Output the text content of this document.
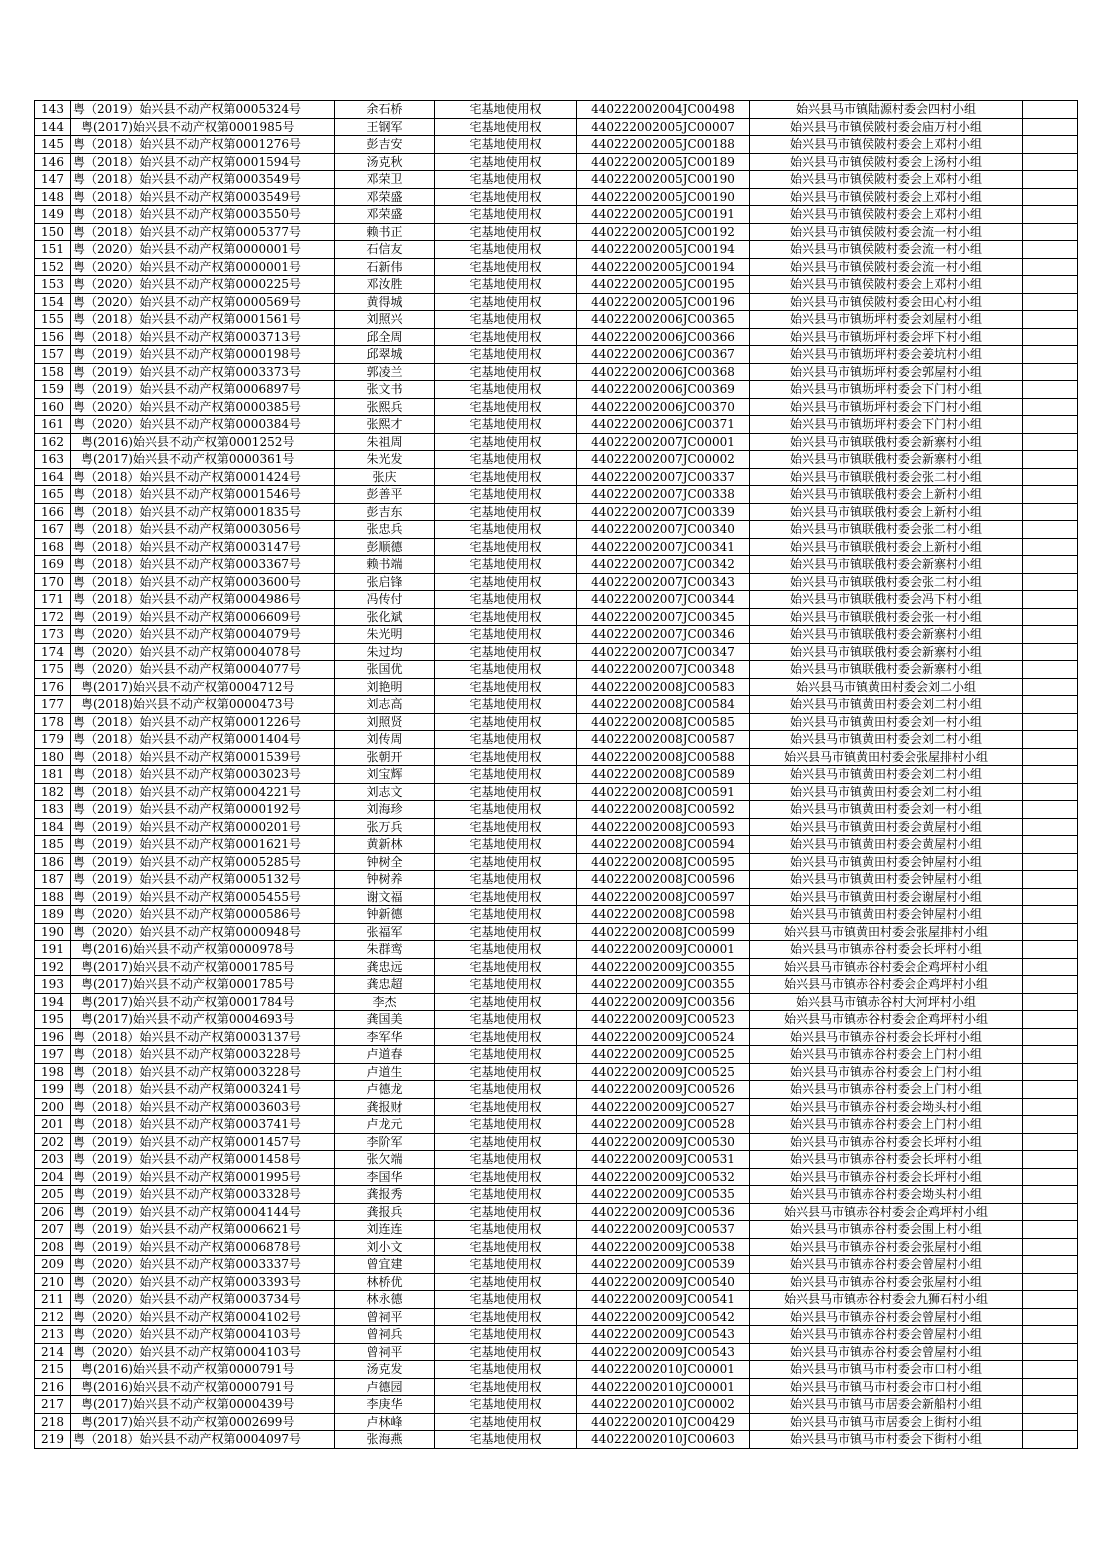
143	粤（2019）始兴县不动产权第0005324号	余石桥	宅基地使用权	440222002004JC00498	始兴县马市镇陆源村委会四村小组	
144	粤(2017)始兴县不动产权第0001985号	王钢军	宅基地使用权	440222002005JC00007	始兴县马市镇侯陂村委会庙万村小组	
145	粤（2018）始兴县不动产权第0001276号	彭吉安	宅基地使用权	440222002005JC00188	始兴县马市镇侯陂村委会上邓村小组	
146	粤（2018）始兴县不动产权第0001594号	汤克秋	宅基地使用权	440222002005JC00189	始兴县马市镇侯陂村委会上汤村小组	
147	粤（2018）始兴县不动产权第0003549号	邓荣卫	宅基地使用权	440222002005JC00190	始兴县马市镇侯陂村委会上邓村小组	
148	粤（2018）始兴县不动产权第0003549号	邓荣盛	宅基地使用权	440222002005JC00190	始兴县马市镇侯陂村委会上邓村小组	
149	粤（2018）始兴县不动产权第0003550号	邓荣盛	宅基地使用权	440222002005JC00191	始兴县马市镇侯陂村委会上邓村小组	
150	粤（2018）始兴县不动产权第0005377号	赖书正	宅基地使用权	440222002005JC00192	始兴县马市镇侯陂村委会流一村小组	
151	粤（2020）始兴县不动产权第0000001号	石信友	宅基地使用权	440222002005JC00194	始兴县马市镇侯陂村委会流一村小组	
152	粤（2020）始兴县不动产权第0000001号	石新伟	宅基地使用权	440222002005JC00194	始兴县马市镇侯陂村委会流一村小组	
153	粤（2020）始兴县不动产权第0000225号	邓汝胜	宅基地使用权	440222002005JC00195	始兴县马市镇侯陂村委会上邓村小组	
154	粤（2020）始兴县不动产权第0000569号	黄得城	宅基地使用权	440222002005JC00196	始兴县马市镇侯陂村委会田心村小组	
155	粤（2018）始兴县不动产权第0001561号	刘照兴	宅基地使用权	440222002006JC00365	始兴县马市镇坜坪村委会刘屋村小组	
156	粤（2018）始兴县不动产权第0003713号	邱全周	宅基地使用权	440222002006JC00366	始兴县马市镇坜坪村委会坪下村小组	
157	粤（2019）始兴县不动产权第0000198号	邱翠城	宅基地使用权	440222002006JC00367	始兴县马市镇坜坪村委会姜坑村小组	
158	粤（2019）始兴县不动产权第0003373号	郭凌兰	宅基地使用权	440222002006JC00368	始兴县马市镇坜坪村委会郭屋村小组	
159	粤（2019）始兴县不动产权第0006897号	张文书	宅基地使用权	440222002006JC00369	始兴县马市镇坜坪村委会下门村小组	
160	粤（2020）始兴县不动产权第0000385号	张熙兵	宅基地使用权	440222002006JC00370	始兴县马市镇坜坪村委会下门村小组	
161	粤（2020）始兴县不动产权第0000384号	张熙才	宅基地使用权	440222002006JC00371	始兴县马市镇坜坪村委会下门村小组	
162	粤(2016)始兴县不动产权第0001252号	朱祖周	宅基地使用权	440222002007JC00001	始兴县马市镇联俄村委会新寨村小组	
163	粤(2017)始兴县不动产权第0000361号	朱光发	宅基地使用权	440222002007JC00002	始兴县马市镇联俄村委会新寨村小组	
164	粤（2018）始兴县不动产权第0001424号	张庆	宅基地使用权	440222002007JC00337	始兴县马市镇联俄村委会张二村小组	
165	粤（2018）始兴县不动产权第0001546号	彭善平	宅基地使用权	440222002007JC00338	始兴县马市镇联俄村委会上新村小组	
166	粤（2018）始兴县不动产权第0001835号	彭吉东	宅基地使用权	440222002007JC00339	始兴县马市镇联俄村委会上新村小组	
167	粤（2018）始兴县不动产权第0003056号	张忠兵	宅基地使用权	440222002007JC00340	始兴县马市镇联俄村委会张二村小组	
168	粤（2018）始兴县不动产权第0003147号	彭顺德	宅基地使用权	440222002007JC00341	始兴县马市镇联俄村委会上新村小组	
169	粤（2018）始兴县不动产权第0003367号	赖书端	宅基地使用权	440222002007JC00342	始兴县马市镇联俄村委会新寨村小组	
170	粤（2018）始兴县不动产权第0003600号	张启锋	宅基地使用权	440222002007JC00343	始兴县马市镇联俄村委会张二村小组	
171	粤（2018）始兴县不动产权第0004986号	冯传付	宅基地使用权	440222002007JC00344	始兴县马市镇联俄村委会冯下村小组	
172	粤（2019）始兴县不动产权第0006609号	张化斌	宅基地使用权	440222002007JC00345	始兴县马市镇联俄村委会张一村小组	
173	粤（2020）始兴县不动产权第0004079号	朱光明	宅基地使用权	440222002007JC00346	始兴县马市镇联俄村委会新寨村小组	
174	粤（2020）始兴县不动产权第0004078号	朱过均	宅基地使用权	440222002007JC00347	始兴县马市镇联俄村委会新寨村小组	
175	粤（2020）始兴县不动产权第0004077号	张国优	宅基地使用权	440222002007JC00348	始兴县马市镇联俄村委会新寨村小组	
176	粤(2017)始兴县不动产权第0004712号	刘艳明	宅基地使用权	440222002008JC00583	始兴县马市镇黄田村委会刘二小组	
177	粤(2018)始兴县不动产权第0000473号	刘志高	宅基地使用权	440222002008JC00584	始兴县马市镇黄田村委会刘二村小组	
178	粤（2018）始兴县不动产权第0001226号	刘照贤	宅基地使用权	440222002008JC00585	始兴县马市镇黄田村委会刘一村小组	
179	粤（2018）始兴县不动产权第0001404号	刘传周	宅基地使用权	440222002008JC00587	始兴县马市镇黄田村委会刘二村小组	
180	粤（2018）始兴县不动产权第0001539号	张朝开	宅基地使用权	440222002008JC00588	始兴县马市镇黄田村委会张屋排村小组	
181	粤（2018）始兴县不动产权第0003023号	刘宝辉	宅基地使用权	440222002008JC00589	始兴县马市镇黄田村委会刘二村小组	
182	粤（2018）始兴县不动产权第0004221号	刘志文	宅基地使用权	440222002008JC00591	始兴县马市镇黄田村委会刘二村小组	
183	粤（2019）始兴县不动产权第0000192号	刘海珍	宅基地使用权	440222002008JC00592	始兴县马市镇黄田村委会刘一村小组	
184	粤（2019）始兴县不动产权第0000201号	张万兵	宅基地使用权	440222002008JC00593	始兴县马市镇黄田村委会黄屋村小组	
185	粤（2019）始兴县不动产权第0001621号	黄新林	宅基地使用权	440222002008JC00594	始兴县马市镇黄田村委会黄屋村小组	
186	粤（2019）始兴县不动产权第0005285号	钟树全	宅基地使用权	440222002008JC00595	始兴县马市镇黄田村委会钟屋村小组	
187	粤（2019）始兴县不动产权第0005132号	钟树养	宅基地使用权	440222002008JC00596	始兴县马市镇黄田村委会钟屋村小组	
188	粤（2019）始兴县不动产权第0005455号	谢文福	宅基地使用权	440222002008JC00597	始兴县马市镇黄田村委会谢屋村小组	
189	粤（2020）始兴县不动产权第0000586号	钟新德	宅基地使用权	440222002008JC00598	始兴县马市镇黄田村委会钟屋村小组	
190	粤（2020）始兴县不动产权第0000948号	张福军	宅基地使用权	440222002008JC00599	始兴县马市镇黄田村委会张屋排村小组	
191	粤(2016)始兴县不动产权第0000978号	朱群鸾	宅基地使用权	440222002009JC00001	始兴县马市镇赤谷村委会长坪村小组	
192	粤(2017)始兴县不动产权第0001785号	龚忠远	宅基地使用权	440222002009JC00355	始兴县马市镇赤谷村委会企鸡坪村小组	
193	粤(2017)始兴县不动产权第0001785号	龚忠超	宅基地使用权	440222002009JC00355	始兴县马市镇赤谷村委会企鸡坪村小组	
194	粤(2017)始兴县不动产权第0001784号	李杰	宅基地使用权	440222002009JC00356	始兴县马市镇赤谷村大河坪村小组	
195	粤(2017)始兴县不动产权第0004693号	龚国美	宅基地使用权	440222002009JC00523	始兴县马市镇赤谷村委会企鸡坪村小组	
196	粤（2018）始兴县不动产权第0003137号	李军华	宅基地使用权	440222002009JC00524	始兴县马市镇赤谷村委会长坪村小组	
197	粤（2018）始兴县不动产权第0003228号	卢道春	宅基地使用权	440222002009JC00525	始兴县马市镇赤谷村委会上门村小组	
198	粤（2018）始兴县不动产权第0003228号	卢道生	宅基地使用权	440222002009JC00525	始兴县马市镇赤谷村委会上门村小组	
199	粤（2018）始兴县不动产权第0003241号	卢德龙	宅基地使用权	440222002009JC00526	始兴县马市镇赤谷村委会上门村小组	
200	粤（2018）始兴县不动产权第0003603号	龚报财	宅基地使用权	440222002009JC00527	始兴县马市镇赤谷村委会坳头村小组	
201	粤（2018）始兴县不动产权第0003741号	卢龙元	宅基地使用权	440222002009JC00528	始兴县马市镇赤谷村委会上门村小组	
202	粤（2019）始兴县不动产权第0001457号	李阶军	宅基地使用权	440222002009JC00530	始兴县马市镇赤谷村委会长坪村小组	
203	粤（2019）始兴县不动产权第0001458号	张欠端	宅基地使用权	440222002009JC00531	始兴县马市镇赤谷村委会长坪村小组	
204	粤（2019）始兴县不动产权第0001995号	李国华	宅基地使用权	440222002009JC00532	始兴县马市镇赤谷村委会长坪村小组	
205	粤（2019）始兴县不动产权第0003328号	龚报秀	宅基地使用权	440222002009JC00535	始兴县马市镇赤谷村委会坳头村小组	
206	粤（2019）始兴县不动产权第0004144号	龚报兵	宅基地使用权	440222002009JC00536	始兴县马市镇赤谷村委会企鸡坪村小组	
207	粤（2019）始兴县不动产权第0006621号	刘连连	宅基地使用权	440222002009JC00537	始兴县马市镇赤谷村委会围上村小组	
208	粤（2019）始兴县不动产权第0006878号	刘小文	宅基地使用权	440222002009JC00538	始兴县马市镇赤谷村委会张屋村小组	
209	粤（2020）始兴县不动产权第0003337号	曾宜建	宅基地使用权	440222002009JC00539	始兴县马市镇赤谷村委会曾屋村小组	
210	粤（2020）始兴县不动产权第0003393号	林桥优	宅基地使用权	440222002009JC00540	始兴县马市镇赤谷村委会张屋村小组	
211	粤（2020）始兴县不动产权第0003734号	林永德	宅基地使用权	440222002009JC00541	始兴县马市镇赤谷村委会九狮石村小组	
212	粤（2020）始兴县不动产权第0004102号	曾祠平	宅基地使用权	440222002009JC00542	始兴县马市镇赤谷村委会曾屋村小组	
213	粤（2020）始兴县不动产权第0004103号	曾祠兵	宅基地使用权	440222002009JC00543	始兴县马市镇赤谷村委会曾屋村小组	
214	粤（2020）始兴县不动产权第0004103号	曾祠平	宅基地使用权	440222002009JC00543	始兴县马市镇赤谷村委会曾屋村小组	
215	粤(2016)始兴县不动产权第0000791号	汤克发	宅基地使用权	440222002010JC00001	始兴县马市镇马市村委会市口村小组	
216	粤(2016)始兴县不动产权第0000791号	卢德园	宅基地使用权	440222002010JC00001	始兴县马市镇马市村委会市口村小组	
217	粤(2017)始兴县不动产权第0000439号	李庚华	宅基地使用权	440222002010JC00002	始兴县马市镇马市居委会新船村小组	
218	粤(2017)始兴县不动产权第0002699号	卢林峰	宅基地使用权	440222002010JC00429	始兴县马市镇马市居委会上街村小组	
219	粤（2018）始兴县不动产权第0004097号	张海燕	宅基地使用权	440222002010JC00603	始兴县马市镇马市村委会下街村小组	
